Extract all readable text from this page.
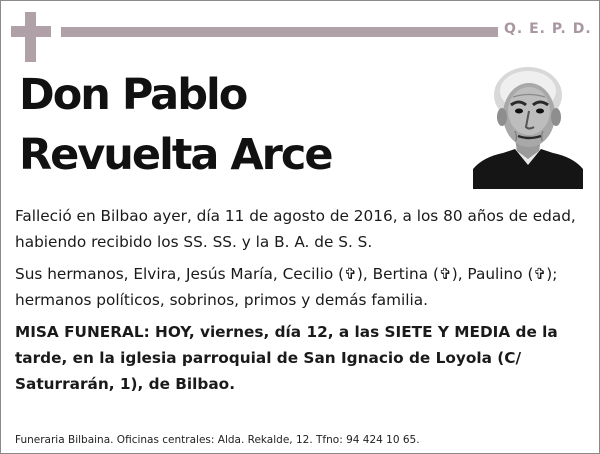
Q. E. P. D.
Don Pablo
Revuelta Arce

Falleció en Bilbao ayer, día 11 de agosto de 2016, a los 80 años de edad, habiendo recibido los SS. SS. y la B. A. de S. S.

Sus hermanos, Elvira, Jesús María, Cecilio (✞), Bertina (✞), Paulino (✞); hermanos políticos, sobrinos, primos y demás familia.

MISA FUNERAL: HOY, viernes, día 12, a las SIETE Y MEDIA de la tarde, en la iglesia parroquial de San Ignacio de Loyola (C/ Saturrarán, 1), de Bilbao.

Funeraria Bilbaina. Oficinas centrales: Alda. Rekalde, 12. Tfno: 94 424 10 65.
